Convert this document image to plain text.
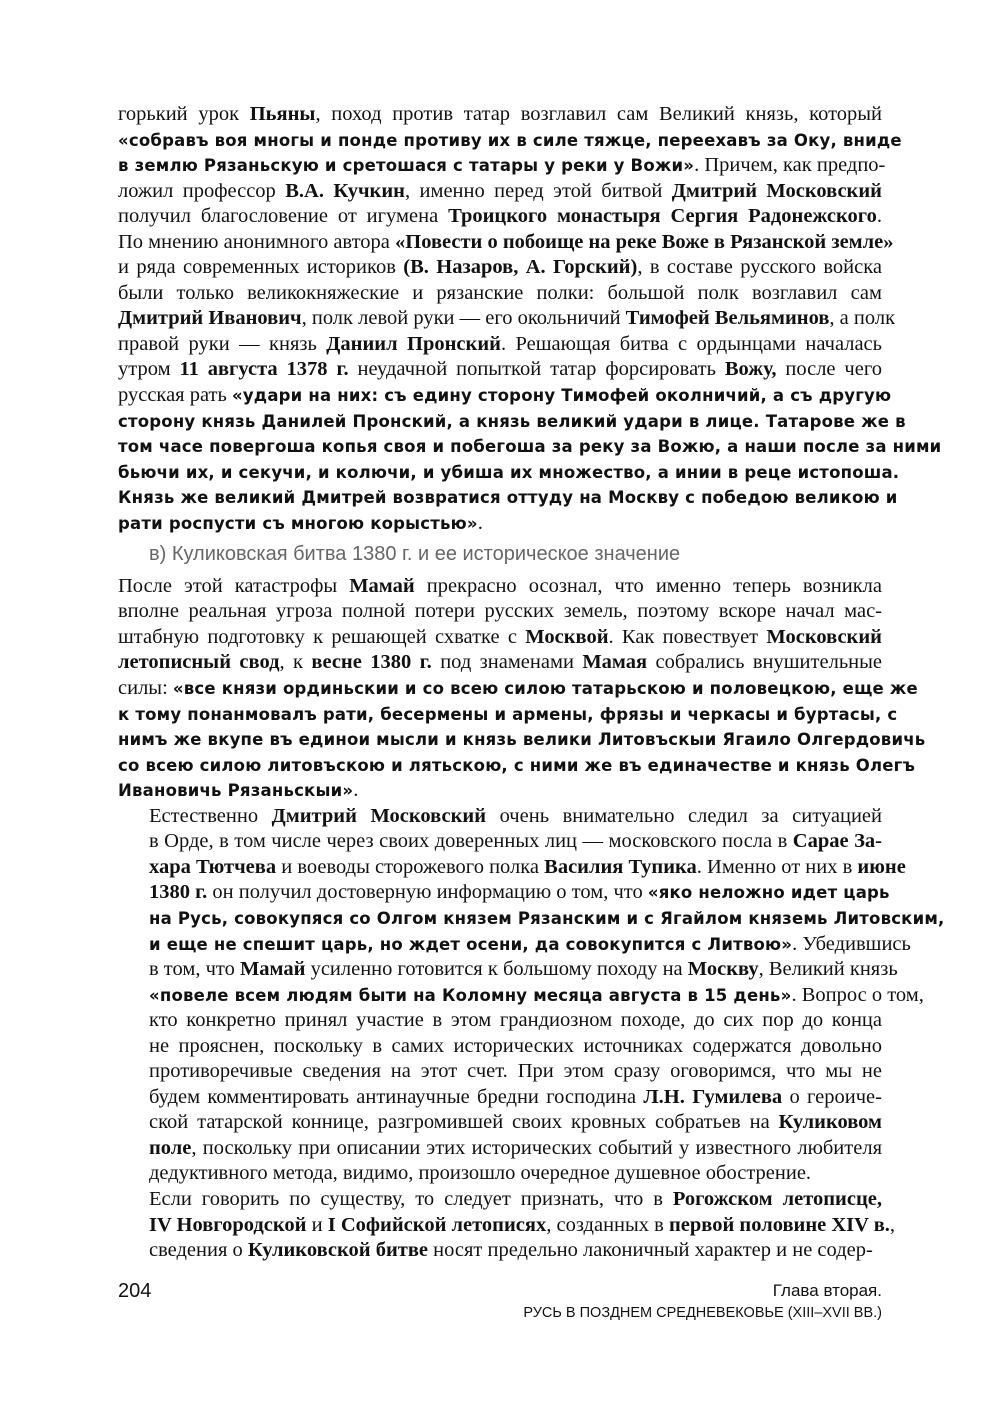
горький урок Пьяны, поход против татар возглавил сам Великий князь, который
«собравъ воя многы и понде противу их в силе тяжце, переехавъ за Оку, вниде
в землю Рязаньскую и сретошася с татары у реки у Вожи». Причем, как предпо-
ложил профессор В.А. Кучкин, именно перед этой битвой Дмитрий Московский
получил благословение от игумена Троицкого монастыря Сергия Радонежского.
По мнению анонимного автора «Повести о побоище на реке Воже в Рязанской земле»
и ряда современных историков (В. Назаров, А. Горский), в составе русского войска
были только великокняжеские и рязанские полки: большой полк возглавил сам
Дмитрий Иванович, полк левой руки — его окольничий Тимофей Вельяминов, а полк
правой руки — князь Даниил Пронский. Решающая битва с ордынцами началась
утром 11 августа 1378 г. неудачной попыткой татар форсировать Вожу, после чего
русская рать «удари на них: съ едину сторону Тимофей околничий, а съ другую
сторону князь Данилей Пронский, а князь великий удари в лице. Татарове же в
том часе повергоша копья своя и побегоша за реку за Вожю, а наши после за ними
бьючи их, и секучи, и колючи, и убиша их множество, а инии в реце истопоша.
Князь же великий Дмитрей возвратися оттуду на Москву с победою великою и
рати роспусти съ многою корыстью».
в) Куликовская битва 1380 г. и ее историческое значение
После этой катастрофы Мамай прекрасно осознал, что именно теперь возникла
вполне реальная угроза полной потери русских земель, поэтому вскоре начал мас-
штабную подготовку к решающей схватке с Москвой. Как повествует Московский
летописный свод, к весне 1380 г. под знаменами Мамая собрались внушительные
силы: «все князи ординьскии и со всею силою татарьскою и половецкою, еще же
к тому понанмовалъ рати, бесермены и армены, фрязы и черкасы и буртасы, с
нимъ же вкупе въ единои мысли и князь велики Литовъскыи Ягаило Олгердовичь
со всею силою литовъскою и лятьскою, с ними же въ единачестве и князь Олегъ
Ивановичь Рязаньскыи».
Естественно Дмитрий Московский очень внимательно следил за ситуацией
в Орде, в том числе через своих доверенных лиц — московского посла в Сарае За-
хара Тютчева и воеводы сторожевого полка Василия Тупика. Именно от них в июне
1380 г. он получил достоверную информацию о том, что «яко неложно идет царь
на Русь, совокупяся со Олгом князем Рязанским и с Ягайлом княземь Литовским,
и еще не спешит царь, но ждет осени, да совокупится с Литвою». Убедившись
в том, что Мамай усиленно готовится к большому походу на Москву, Великий князь
«повеле всем людям быти на Коломну месяца августа в 15 день». Вопрос о том,
кто конкретно принял участие в этом грандиозном походе, до сих пор до конца
не прояснен, поскольку в самих исторических источниках содержатся довольно
противоречивые сведения на этот счет. При этом сразу оговоримся, что мы не
будем комментировать антинаучные бредни господина Л.Н. Гумилева о герoиче-
ской татарской коннице, разгромившей своих кровных собратьев на Куликовом
поле, поскольку при описании этих исторических событий у известного любителя
дедуктивного метода, видимо, произошло очередное душевное обострение.
Если говорить по существу, то следует признать, что в Рогожском летописце,
IV Новгородской и I Софийской летописях, созданных в первой половине XIV в.,
сведения о Куликовской битве носят предельно лаконичный характер и не содер-
204	Глава вторая.
РУСЬ В ПОЗДНЕМ СРЕДНЕВЕКОВЬЕ (XIII–XVII ВВ.)
